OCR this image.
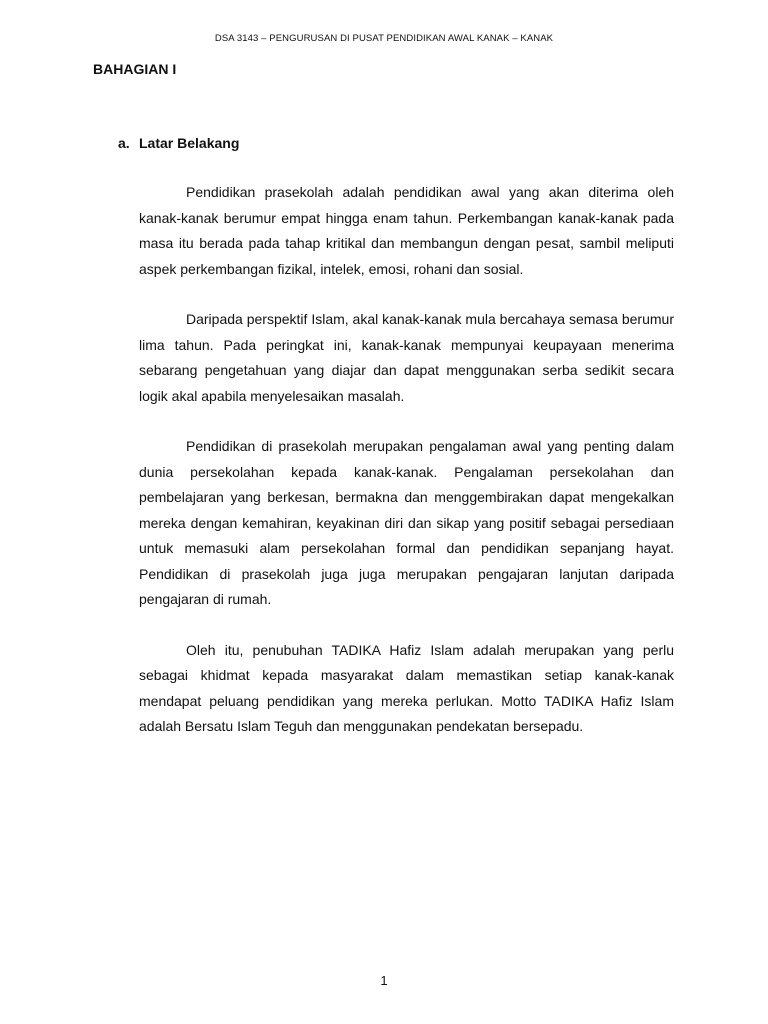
DSA 3143 – PENGURUSAN DI PUSAT PENDIDIKAN AWAL KANAK – KANAK
BAHAGIAN I
a. Latar Belakang

Pendidikan prasekolah adalah pendidikan awal yang akan diterima oleh kanak-kanak berumur empat hingga enam tahun. Perkembangan kanak-kanak pada masa itu berada pada tahap kritikal dan membangun dengan pesat, sambil meliputi aspek perkembangan fizikal, intelek, emosi, rohani dan sosial.

Daripada perspektif Islam, akal kanak-kanak mula bercahaya semasa berumur lima tahun. Pada peringkat ini, kanak-kanak mempunyai keupayaan menerima sebarang pengetahuan yang diajar dan dapat menggunakan serba sedikit secara logik akal apabila menyelesaikan masalah.

Pendidikan di prasekolah merupakan pengalaman awal yang penting dalam dunia persekolahan kepada kanak-kanak. Pengalaman persekolahan dan pembelajaran yang berkesan, bermakna dan menggembirakan dapat mengekalkan mereka dengan kemahiran, keyakinan diri dan sikap yang positif sebagai persediaan untuk memasuki alam persekolahan formal dan pendidikan sepanjang hayat. Pendidikan di prasekolah juga juga merupakan pengajaran lanjutan daripada pengajaran di rumah.

Oleh itu, penubuhan TADIKA Hafiz Islam adalah merupakan yang perlu sebagai khidmat kepada masyarakat dalam memastikan setiap kanak-kanak mendapat peluang pendidikan yang mereka perlukan. Motto TADIKA Hafiz Islam adalah Bersatu Islam Teguh dan menggunakan pendekatan bersepadu.

1
